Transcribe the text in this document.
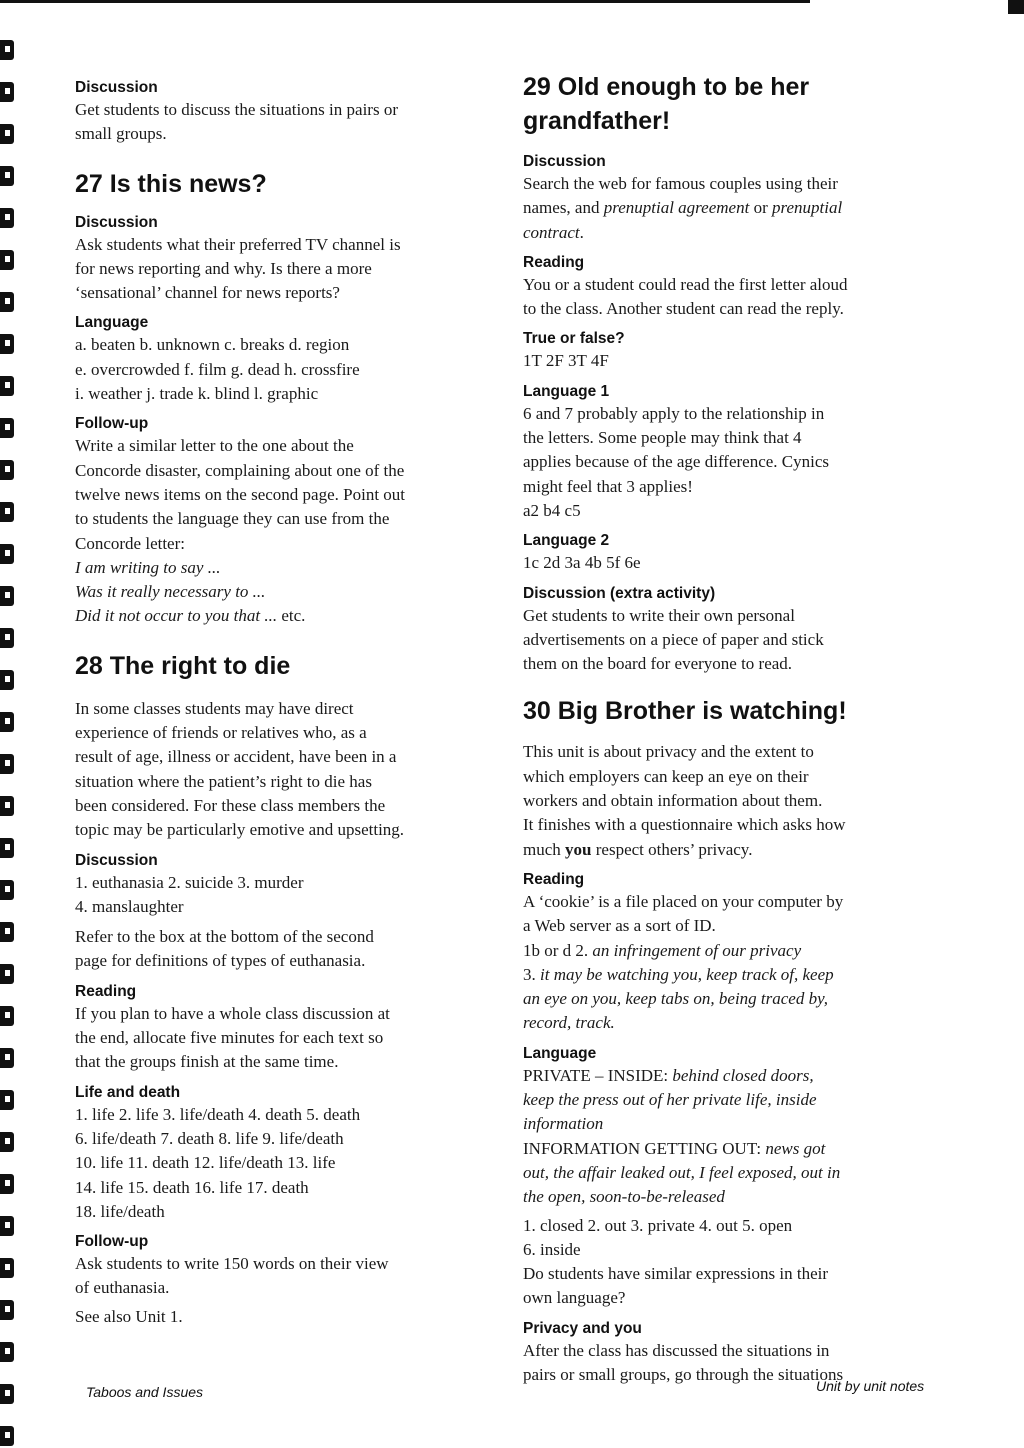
Discussion
Get students to discuss the situations in pairs or
small groups.
27 Is this news?
Discussion
Ask students what their preferred TV channel is
for news reporting and why. Is there a more
‘sensational’ channel for news reports?
Language
a. beaten b. unknown c. breaks d. region
e. overcrowded f. film g. dead h. crossfire
i. weather j. trade k. blind l. graphic
Follow-up
Write a similar letter to the one about the
Concorde disaster, complaining about one of the
twelve news items on the second page. Point out
to students the language they can use from the
Concorde letter:
I am writing to say ...
Was it really necessary to ...
Did it not occur to you that ... etc.
28 The right to die
In some classes students may have direct
experience of friends or relatives who, as a
result of age, illness or accident, have been in a
situation where the patient’s right to die has
been considered. For these class members the
topic may be particularly emotive and upsetting.
Discussion
1. euthanasia 2. suicide 3. murder
4. manslaughter
Refer to the box at the bottom of the second
page for definitions of types of euthanasia.
Reading
If you plan to have a whole class discussion at
the end, allocate five minutes for each text so
that the groups finish at the same time.
Life and death
1. life 2. life 3. life/death 4. death 5. death
6. life/death 7. death 8. life 9. life/death
10. life 11. death 12. life/death 13. life
14. life 15. death 16. life 17. death
18. life/death
Follow-up
Ask students to write 150 words on their view
of euthanasia.
See also Unit 1.
29 Old enough to be her
grandfather!
Discussion
Search the web for famous couples using their
names, and prenuptial agreement or prenuptial
contract.
Reading
You or a student could read the first letter aloud
to the class. Another student can read the reply.
True or false?
1T 2F 3T 4F
Language 1
6 and 7 probably apply to the relationship in
the letters. Some people may think that 4
applies because of the age difference. Cynics
might feel that 3 applies!
a2 b4 c5
Language 2
1c 2d 3a 4b 5f 6e
Discussion (extra activity)
Get students to write their own personal
advertisements on a piece of paper and stick
them on the board for everyone to read.
30 Big Brother is watching!
This unit is about privacy and the extent to
which employers can keep an eye on their
workers and obtain information about them.
It finishes with a questionnaire which asks how
much you respect others’ privacy.
Reading
A ‘cookie’ is a file placed on your computer by
a Web server as a sort of ID.
1b or d 2. an infringement of our privacy
3. it may be watching you, keep track of, keep
an eye on you, keep tabs on, being traced by,
record, track.
Language
PRIVATE – INSIDE: behind closed doors,
keep the press out of her private life, inside
information
INFORMATION GETTING OUT: news got
out, the affair leaked out, I feel exposed, out in
the open, soon-to-be-released
1. closed 2. out 3. private 4. out 5. open
6. inside
Do students have similar expressions in their
own language?
Privacy and you
After the class has discussed the situations in
pairs or small groups, go through the situations
Taboos and Issues	Unit by unit notes
